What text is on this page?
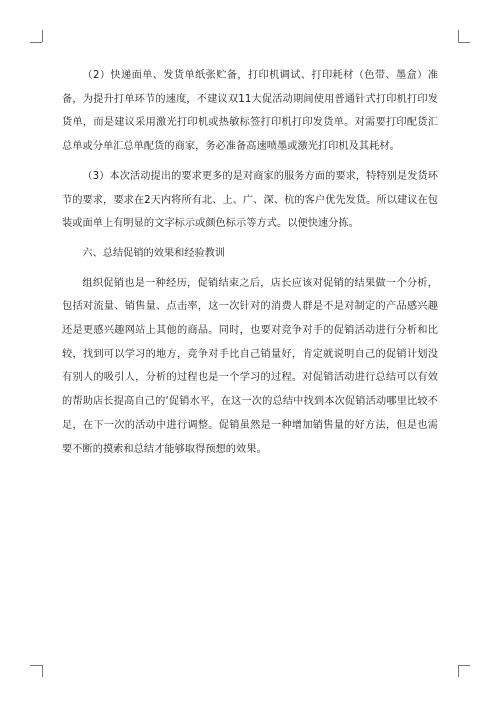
（2）快递面单、发货单纸张贮备，打印机调试、打印耗材（色带、墨盒）准备，为提升打单环节的速度，不建议双11大促活动期间使用普通针式打印机打印发货单，而是建议采用激光打印机或热敏标签打印机打印发货单。对需要打印配货汇总单或分单汇总单配货的商家，务必准备高速喷墨或激光打印机及其耗材。

（3）本次活动提出的要求更多的是对商家的服务方面的要求，特特别是发货环节的要求，要求在2天内将所有北、上、广、深、杭的客户优先发货。所以建议在包装或面单上有明显的文字标示或颜色标示等方式。以便快速分拣。

六、总结促销的效果和经验教训

组织促销也是一种经历，促销结束之后，店长应该对促销的结果做一个分析，包括对流量、销售量、点击率，这一次针对的消费人群是不是对制定的产品感兴趣还是更感兴趣网站上其他的商品。同时，也要对竞争对手的促销活动进行分析和比较，找到可以学习的地方，竞争对手比自己销量好，肯定就说明自己的促销计划没有别人的吸引人，分析的过程也是一个学习的过程。对促销活动进行总结可以有效的帮助店长提高自己的‘促销水平，在这一次的总结中找到本次促销活动哪里比较不足，在下一次的活动中进行调整。促销虽然是一种增加销售量的好方法，但是也需要不断的摸索和总结才能够取得预想的效果。
